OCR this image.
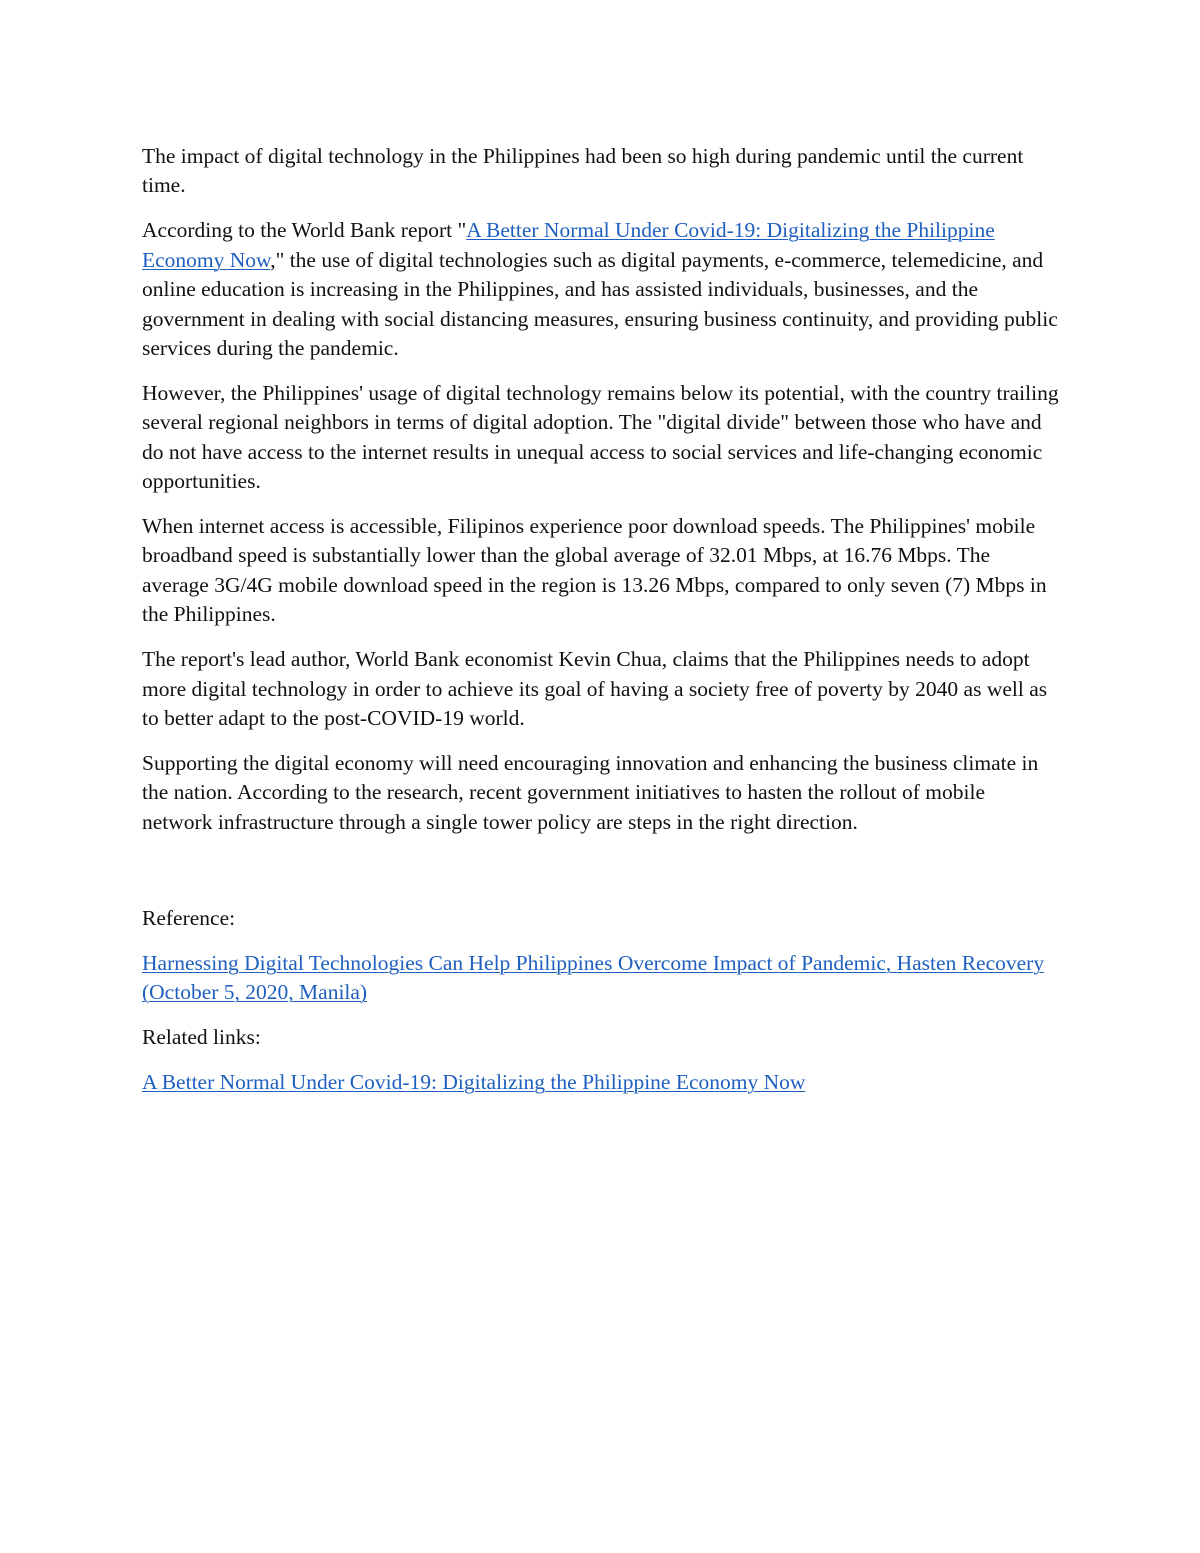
The impact of digital technology in the Philippines had been so high during pandemic until the current time.

According to the World Bank report "A Better Normal Under Covid-19: Digitalizing the Philippine Economy Now," the use of digital technologies such as digital payments, e-commerce, telemedicine, and online education is increasing in the Philippines, and has assisted individuals, businesses, and the government in dealing with social distancing measures, ensuring business continuity, and providing public services during the pandemic.

However, the Philippines' usage of digital technology remains below its potential, with the country trailing several regional neighbors in terms of digital adoption. The "digital divide" between those who have and do not have access to the internet results in unequal access to social services and life-changing economic opportunities.

When internet access is accessible, Filipinos experience poor download speeds. The Philippines' mobile broadband speed is substantially lower than the global average of 32.01 Mbps, at 16.76 Mbps. The average 3G/4G mobile download speed in the region is 13.26 Mbps, compared to only seven (7) Mbps in the Philippines.

The report's lead author, World Bank economist Kevin Chua, claims that the Philippines needs to adopt more digital technology in order to achieve its goal of having a society free of poverty by 2040 as well as to better adapt to the post-COVID-19 world.

Supporting the digital economy will need encouraging innovation and enhancing the business climate in the nation. According to the research, recent government initiatives to hasten the rollout of mobile network infrastructure through a single tower policy are steps in the right direction.

Reference:

Harnessing Digital Technologies Can Help Philippines Overcome Impact of Pandemic, Hasten Recovery (October 5, 2020, Manila)

Related links:

A Better Normal Under Covid-19: Digitalizing the Philippine Economy Now
